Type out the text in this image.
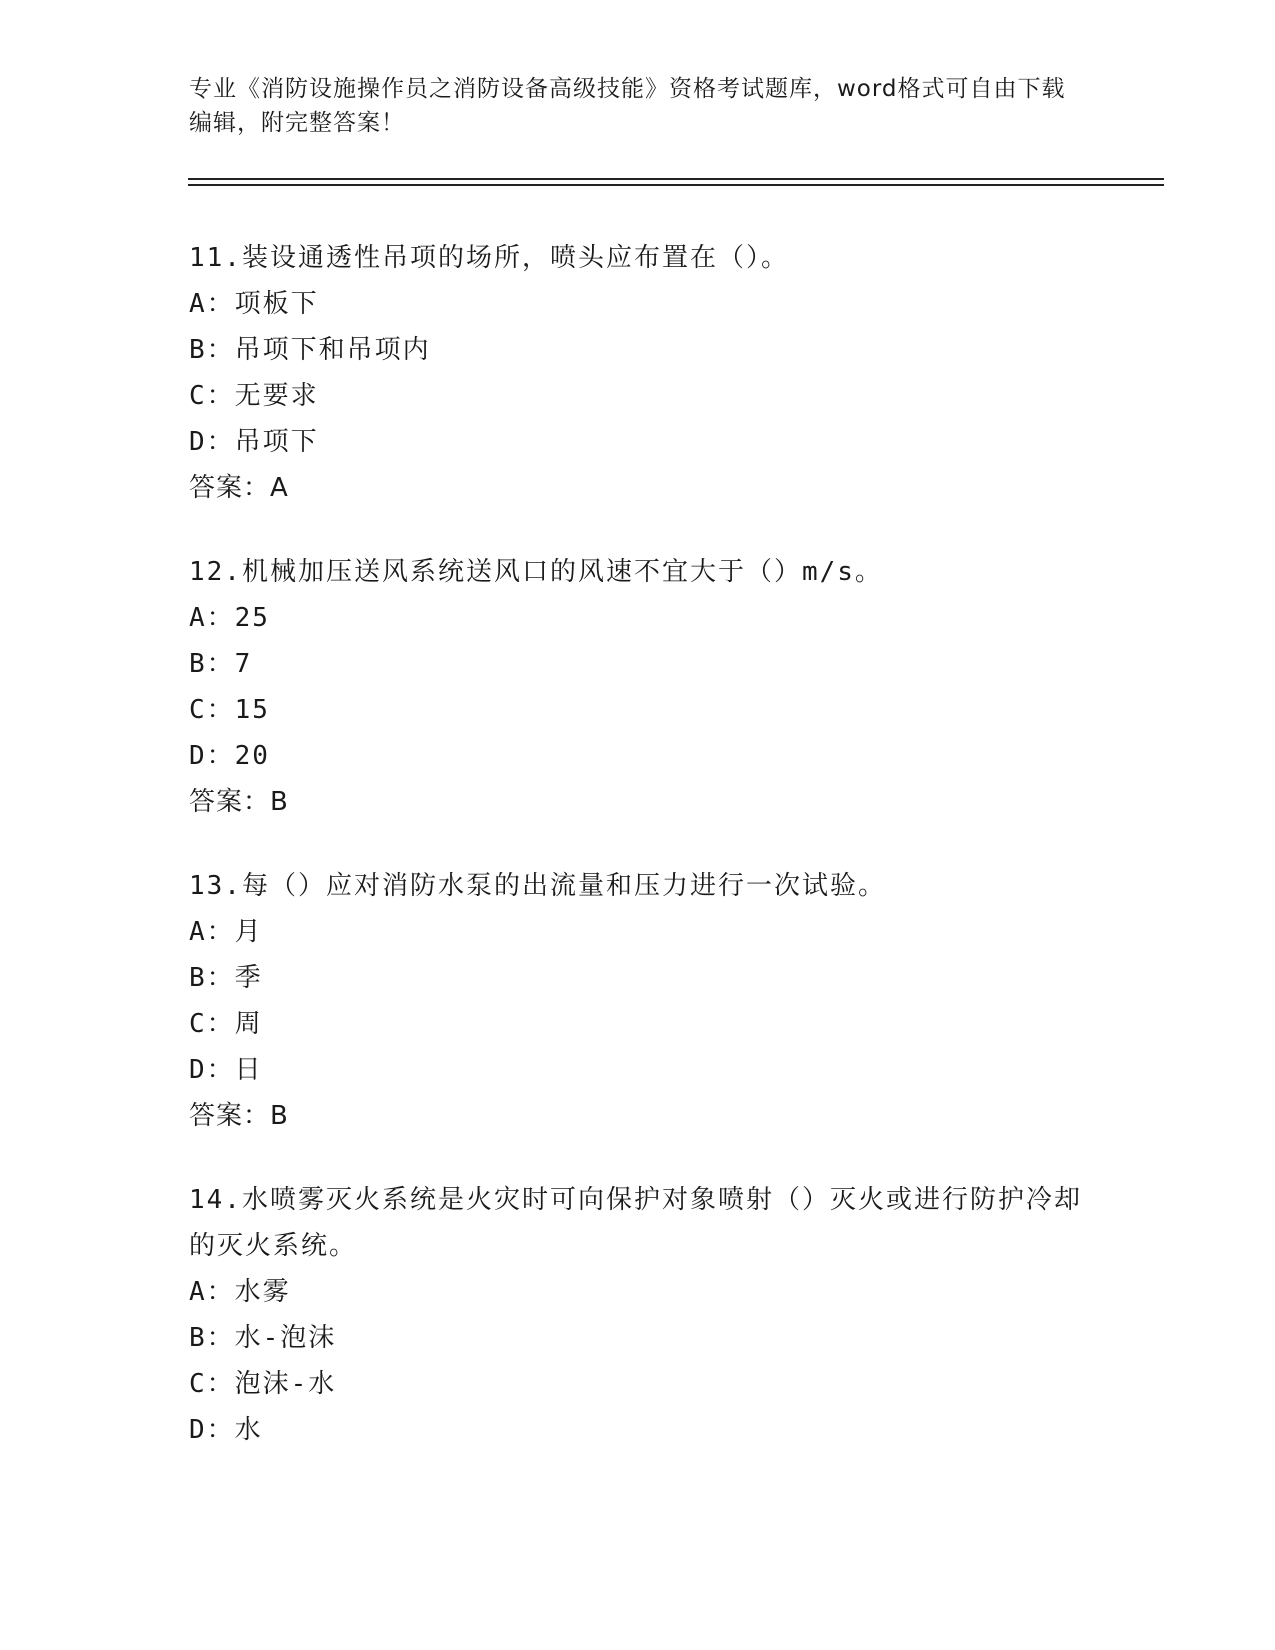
专业《消防设施操作员之消防设备高级技能》资格考试题库，word格式可自由下载编辑，附完整答案！
11.装设通透性吊项的场所，喷头应布置在（）。
A：项板下
B：吊项下和吊项内
C：无要求
D：吊项下
答案：A
12.机械加压送风系统送风口的风速不宜大于（）m/s。
A：25
B：7
C：15
D：20
答案：B
13.每（）应对消防水泵的出流量和压力进行一次试验。
A：月
B：季
C：周
D：日
答案：B
14.水喷雾灭火系统是火灾时可向保护对象喷射（）灭火或进行防护冷却的灭火系统。
A：水雾
B：水-泡沫
C：泡沫-水
D：水
